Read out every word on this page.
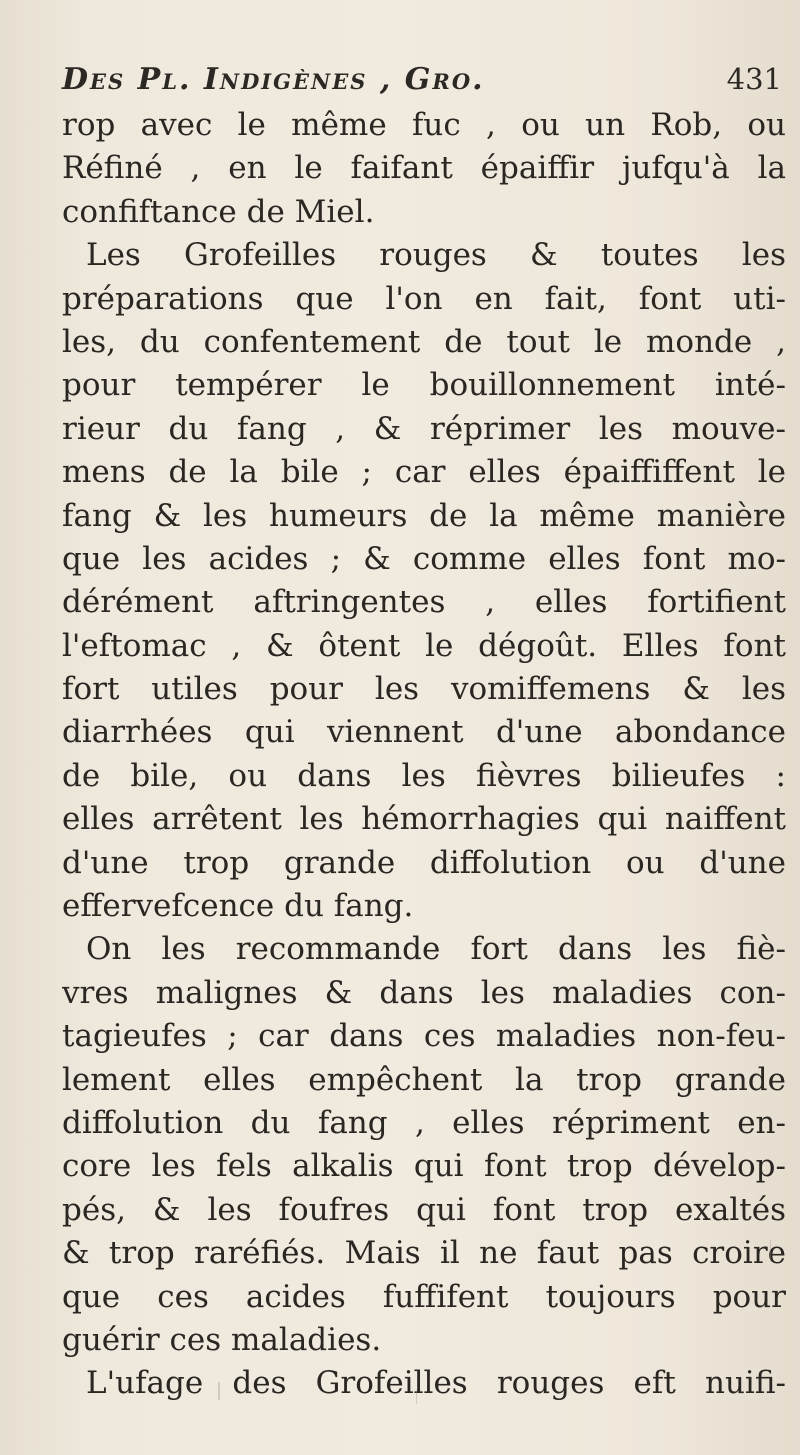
Des Pl. Indigènes , Gro.	431
rop avec le même fuc , ou un Rob, ou
Réfiné , en le faifant épaiffir jufqu'à la
confiftance de Miel.
Les Grofeilles rouges & toutes les
préparations que l'on en fait, font uti-
les, du confentement de tout le monde ,
pour tempérer le bouillonnement inté-
rieur du fang , & réprimer les mouve-
mens de la bile ; car elles épaiffiffent le
fang & les humeurs de la même manière
que les acides ; & comme elles font mo-
dérément aftringentes , elles fortifient
l'eftomac , & ôtent le dégoût. Elles font
fort utiles pour les vomiffemens & les
diarrhées qui viennent d'une abondance
de bile, ou dans les fièvres bilieufes :
elles arrêtent les hémorrhagies qui naiffent
d'une trop grande diffolution ou d'une
effervefcence du fang.
On les recommande fort dans les fiè-
vres malignes & dans les maladies con-
tagieufes ; car dans ces maladies non-feu-
lement elles empêchent la trop grande
diffolution du fang , elles répriment en-
core les fels alkalis qui font trop dévelop-
pés, & les foufres qui font trop exaltés
& trop raréfiés. Mais il ne faut pas croire
que ces acides fuffifent toujours pour
guérir ces maladies.
L'ufage des Grofeilles rouges eft nuifi-
